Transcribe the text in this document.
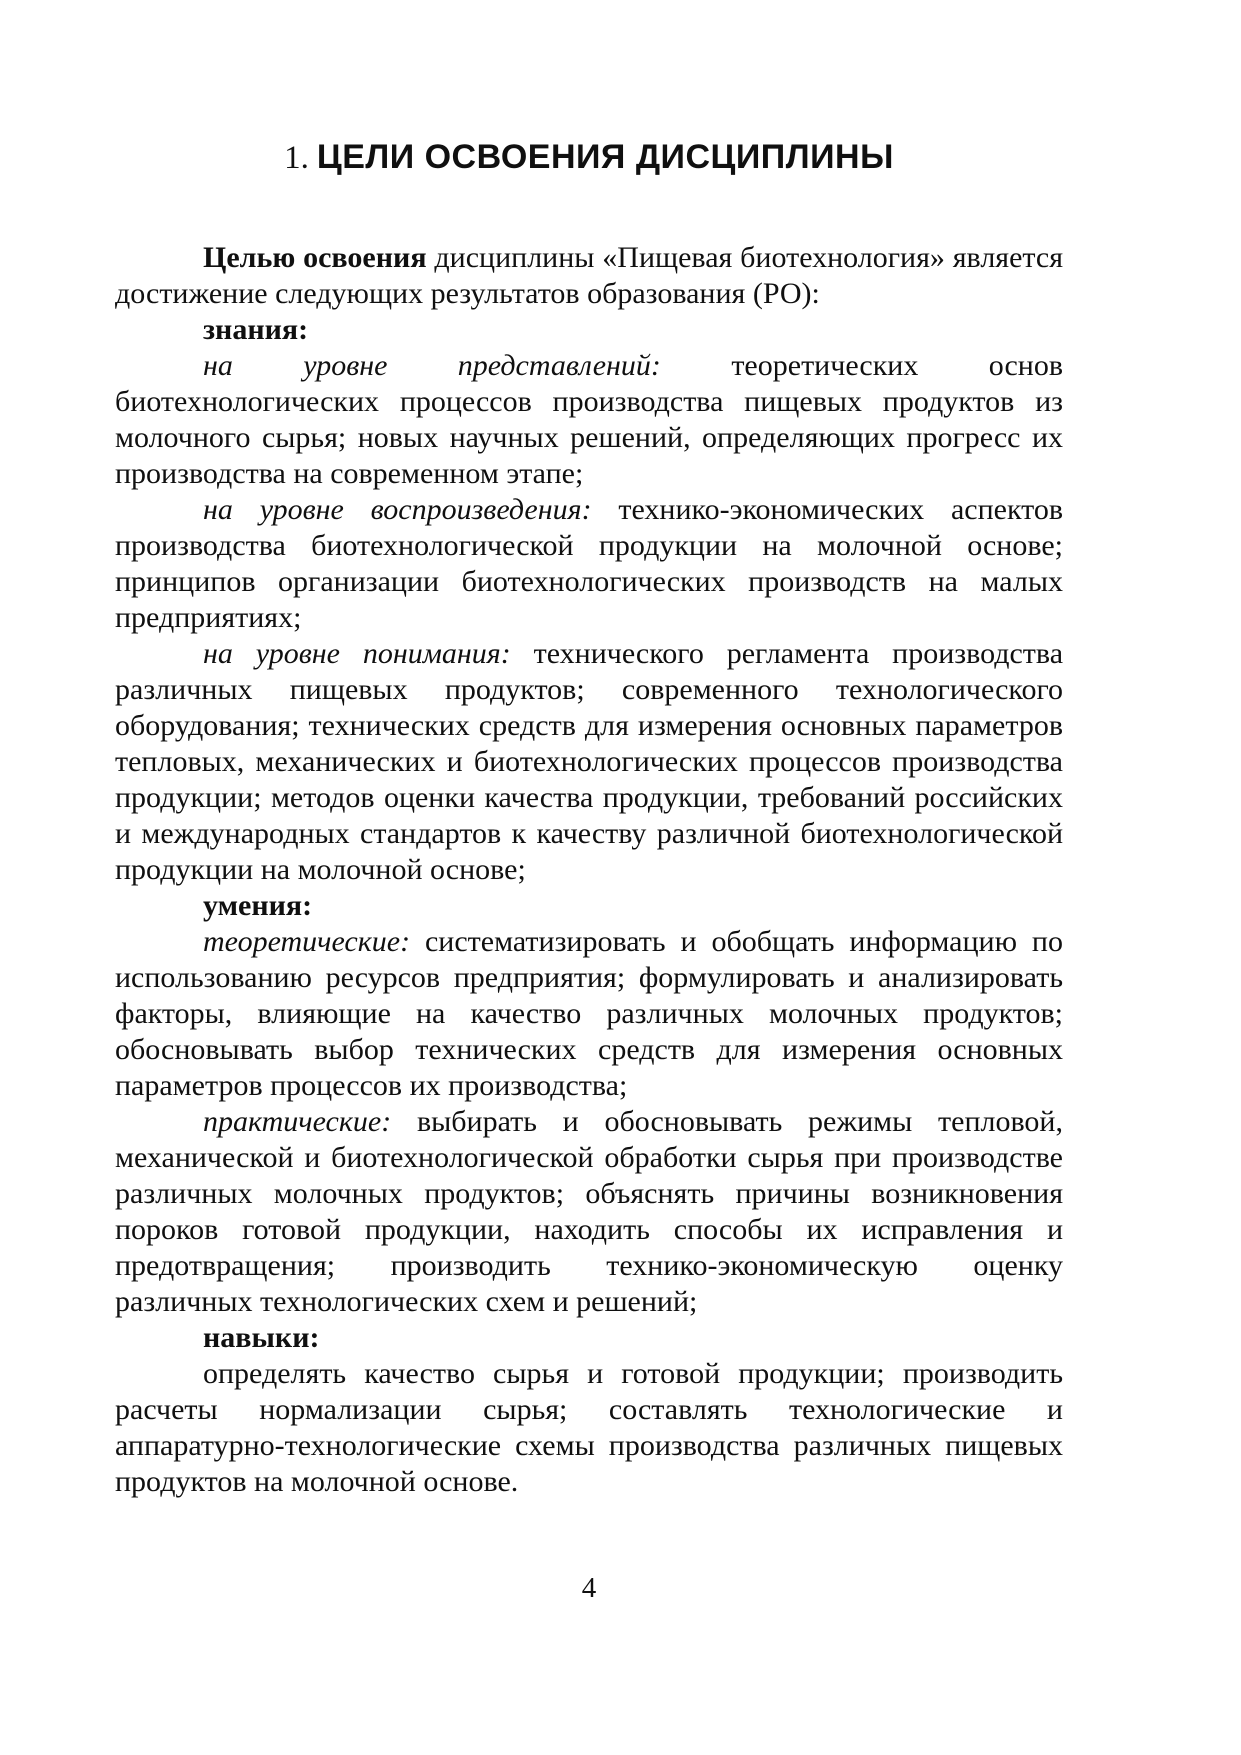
1. ЦЕЛИ ОСВОЕНИЯ ДИСЦИПЛИНЫ

Целью освоения дисциплины «Пищевая биотехнология» является достижение следующих результатов образования (РО):

знания:

на уровне представлений: теоретических основ биотехнологических процессов производства пищевых продуктов из молочного сырья; новых научных решений, определяющих прогресс их производства на современном этапе;

на уровне воспроизведения: технико-экономических аспектов производства биотехнологической продукции на молочной основе; принципов организации биотехнологических производств на малых предприятиях;

на уровне понимания: технического регламента производства различных пищевых продуктов; современного технологического оборудования; технических средств для измерения основных параметров тепловых, механических и биотехнологических процессов производства продукции; методов оценки качества продукции, требований российских и международных стандартов к качеству различной биотехнологической продукции на молочной основе;

умения:

теоретические: систематизировать и обобщать информацию по использованию ресурсов предприятия; формулировать и анализировать факторы, влияющие на качество различных молочных продуктов; обосновывать выбор технических средств для измерения основных параметров процессов их производства;

практические: выбирать и обосновывать режимы тепловой, механической и биотехнологической обработки сырья при производстве различных молочных продуктов; объяснять причины возникновения пороков готовой продукции, находить способы их исправления и предотвращения; производить технико-экономическую оценку различных технологических схем и решений;

навыки:

определять качество сырья и готовой продукции; производить расчеты нормализации сырья; составлять технологические и аппаратурно-технологические схемы производства различных пищевых продуктов на молочной основе.

4
